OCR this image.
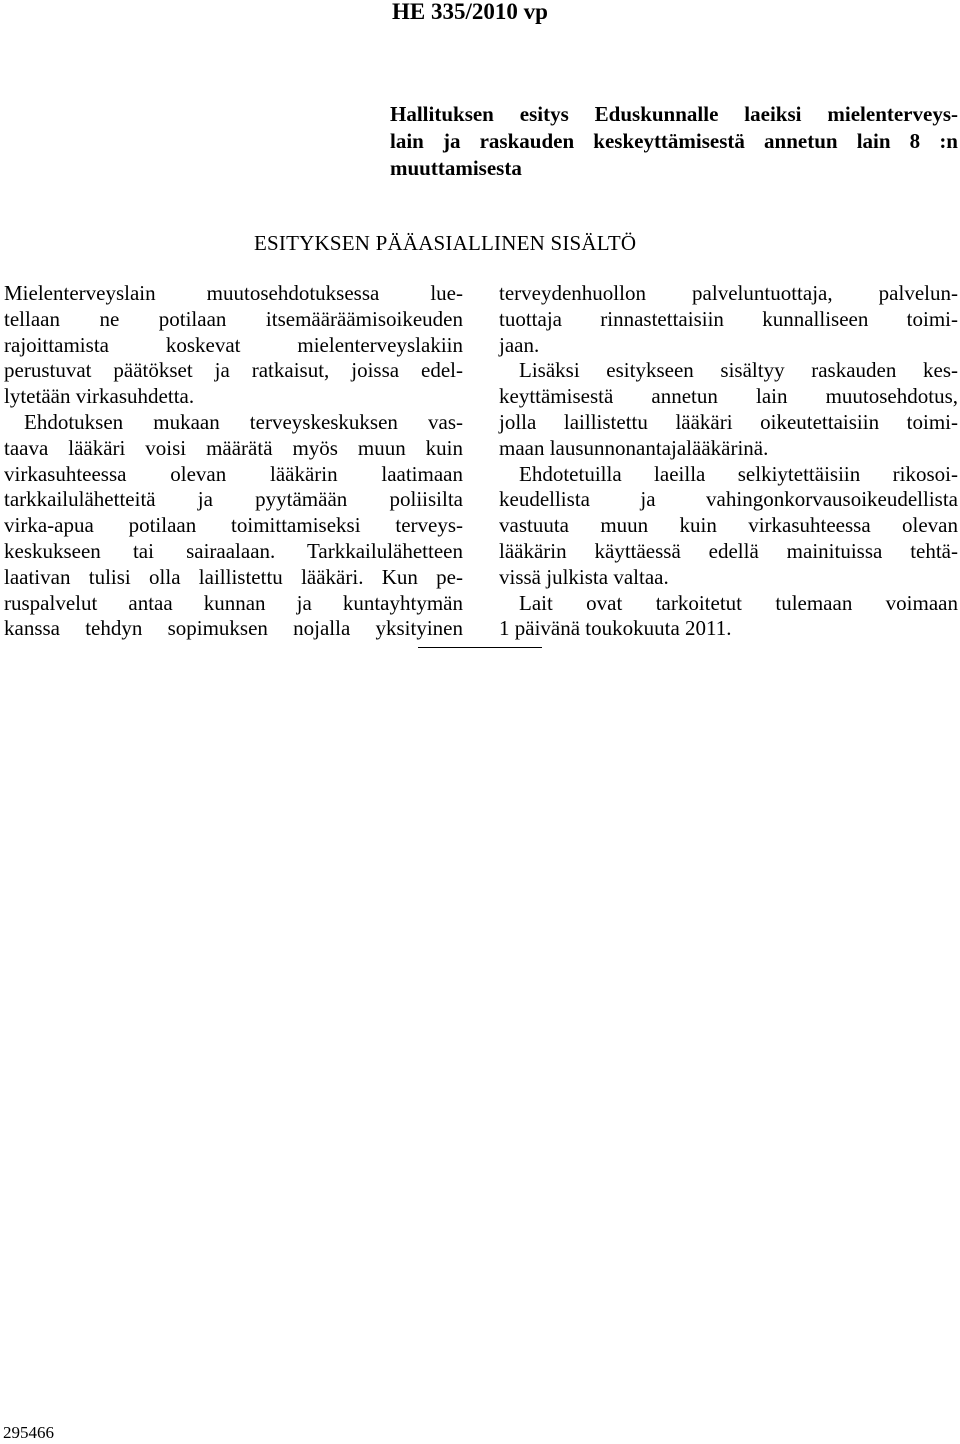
HE 335/2010 vp
Hallituksen esitys Eduskunnalle laeiksi mielenterveys-
lain ja raskauden keskeyttämisestä annetun lain 8 :n
muuttamisesta
ESITYKSEN PÄÄASIALLINEN SISÄLTÖ
Mielenterveyslain muutosehdotuksessa lue-
tellaan ne potilaan itsemääräämisoikeuden
rajoittamista koskevat mielenterveyslakiin
perustuvat päätökset ja ratkaisut, joissa edel-
lytetään virkasuhdetta.
Ehdotuksen mukaan terveyskeskuksen vas-
taava lääkäri voisi määrätä myös muun kuin
virkasuhteessa olevan lääkärin laatimaan
tarkkailulähetteitä ja pyytämään poliisilta
virka-apua potilaan toimittamiseksi terveys-
keskukseen tai sairaalaan. Tarkkailulähetteen
laativan tulisi olla laillistettu lääkäri. Kun pe-
ruspalvelut antaa kunnan ja kuntayhtymän
kanssa tehdyn sopimuksen nojalla yksityinen
terveydenhuollon palveluntuottaja, palvelun-
tuottaja rinnastettaisiin kunnalliseen toimi-
jaan.
Lisäksi esitykseen sisältyy raskauden kes-
keyttämisestä annetun lain muutosehdotus,
jolla laillistettu lääkäri oikeutettaisiin toimi-
maan lausunnonantajalääkärinä.
Ehdotetuilla laeilla selkiytettäisiin rikosoi-
keudellista ja vahingonkorvausoikeudellista
vastuuta muun kuin virkasuhteessa olevan
lääkärin käyttäessä edellä mainituissa tehtä-
vissä julkista valtaa.
Lait ovat tarkoitetut tulemaan voimaan
1 päivänä toukokuuta 2011.
295466
